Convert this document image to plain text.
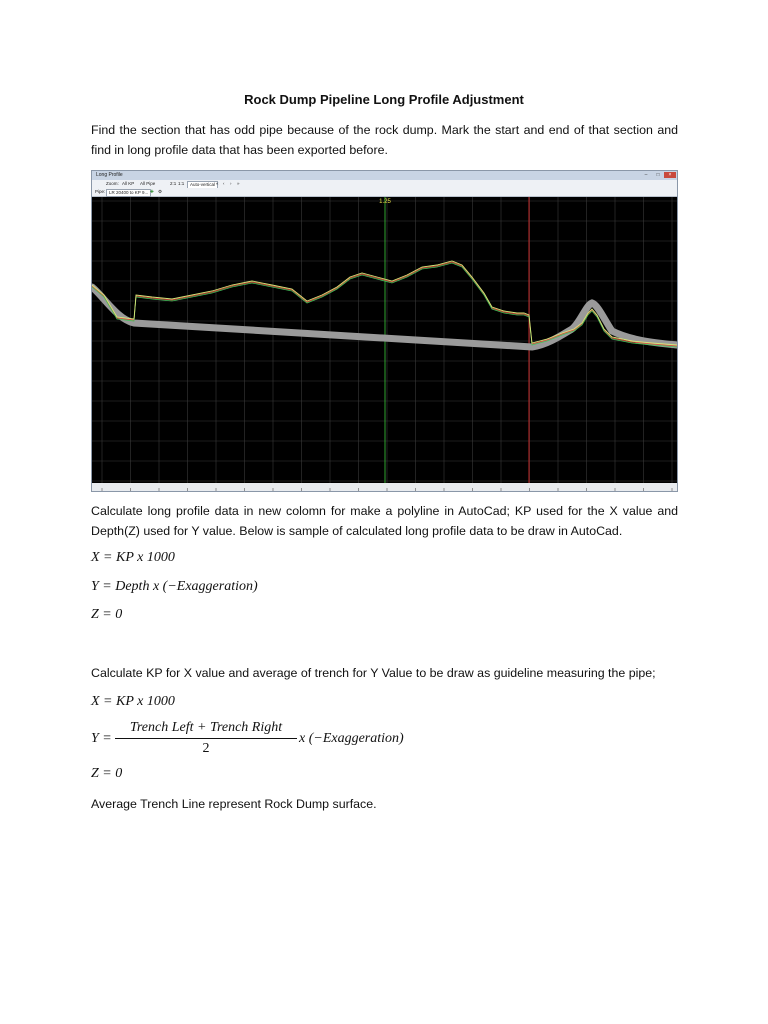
Rock Dump Pipeline Long Profile Adjustment
Find the section that has odd pipe because of the rock dump. Mark the start and end of that section and find in long profile data that has been exported before.
Long Profile	–	□	×
Zoom: All KP All Pipe	2:1 1:1	Auto-vertical « ‹ › »
Pipe: LR 20400 to KP 9... ✚ ⚙
1.25
Calculate long profile data in new colomn for make a polyline in AutoCad; KP used for the X value and Depth(Z) used for Y value. Below is sample of calculated long profile data to be draw in AutoCad.
X = KP x 1000
Y = Depth x (−Exaggeration)
Z = 0
Calculate KP for X value and average of trench for Y Value to be draw as guideline measuring the pipe;
X = KP x 1000
Y =
Trench Left + Trench Right
2
x (−Exaggeration)
Z = 0
Average Trench Line represent Rock Dump surface.
